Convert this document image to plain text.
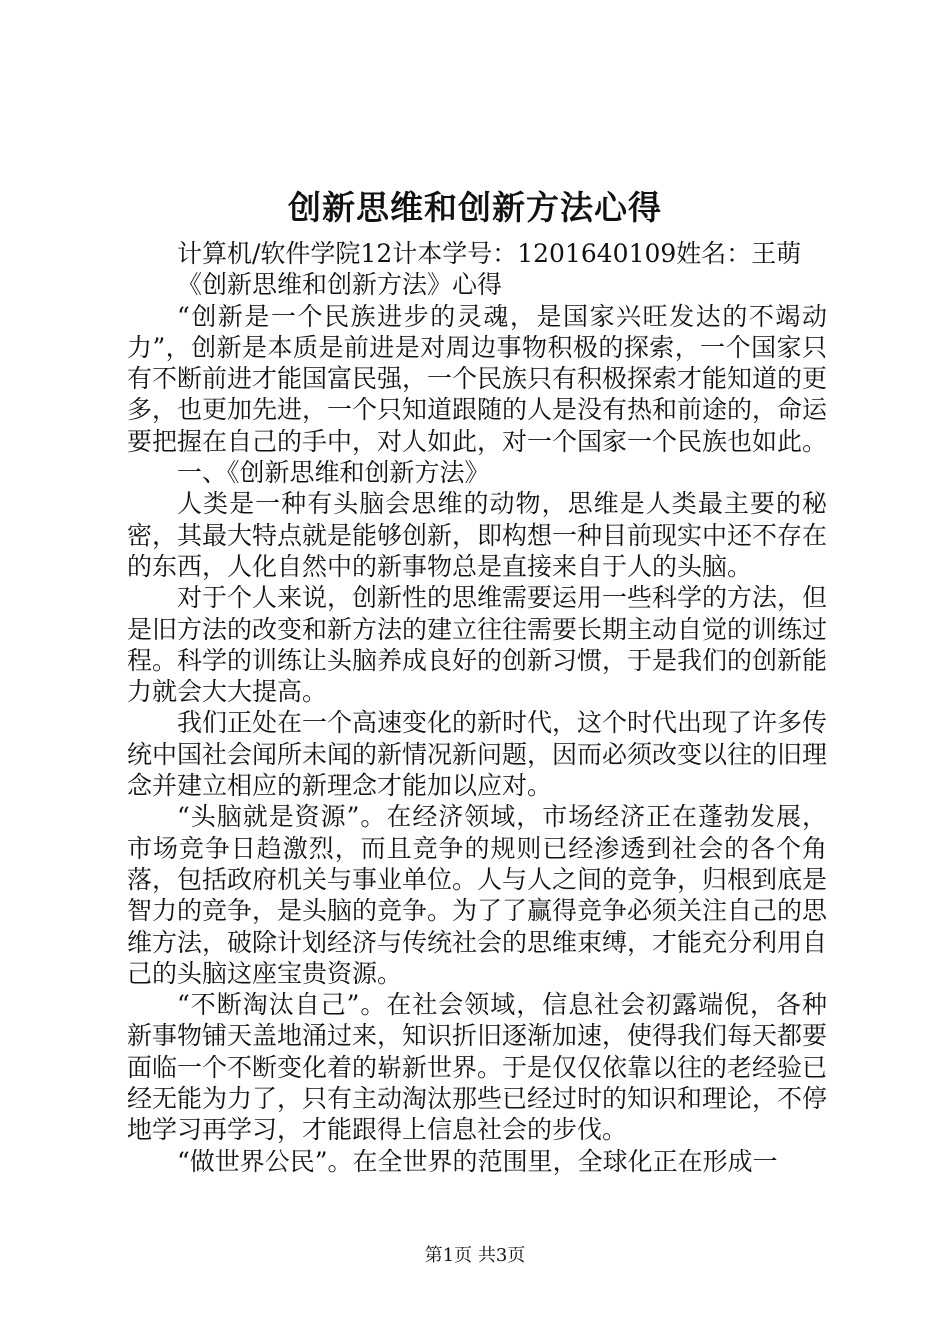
创新思维和创新方法心得

计算机/软件学院12计本学号：1201640109姓名：王萌

《创新思维和创新方法》心得

“创新是一个民族进步的灵魂，是国家兴旺发达的不竭动力”，创新是本质是前进是对周边事物积极的探索，一个国家只有不断前进才能国富民强，一个民族只有积极探索才能知道的更多，也更加先进，一个只知道跟随的人是没有热和前途的，命运要把握在自己的手中，对人如此，对一个国家一个民族也如此。

一、《创新思维和创新方法》

人类是一种有头脑会思维的动物，思维是人类最主要的秘密，其最大特点就是能够创新，即构想一种目前现实中还不存在的东西，人化自然中的新事物总是直接来自于人的头脑。

对于个人来说，创新性的思维需要运用一些科学的方法，但是旧方法的改变和新方法的建立往往需要长期主动自觉的训练过程。科学的训练让头脑养成良好的创新习惯，于是我们的创新能力就会大大提高。

我们正处在一个高速变化的新时代，这个时代出现了许多传统中国社会闻所未闻的新情况新问题，因而必须改变以往的旧理念并建立相应的新理念才能加以应对。

“头脑就是资源”。在经济领域，市场经济正在蓬勃发展，市场竞争日趋激烈，而且竞争的规则已经渗透到社会的各个角落，包括政府机关与事业单位。人与人之间的竞争，归根到底是智力的竞争，是头脑的竞争。为了了赢得竞争必须关注自己的思维方法，破除计划经济与传统社会的思维束缚，才能充分利用自己的头脑这座宝贵资源。

“不断淘汰自己”。在社会领域，信息社会初露端倪，各种新事物铺天盖地涌过来，知识折旧逐渐加速，使得我们每天都要面临一个不断变化着的崭新世界。于是仅仅依靠以往的老经验已经无能为力了，只有主动淘汰那些已经过时的知识和理论，不停地学习再学习，才能跟得上信息社会的步伐。

“做世界公民”。在全世界的范围里，全球化正在形成一

第1页 共3页
